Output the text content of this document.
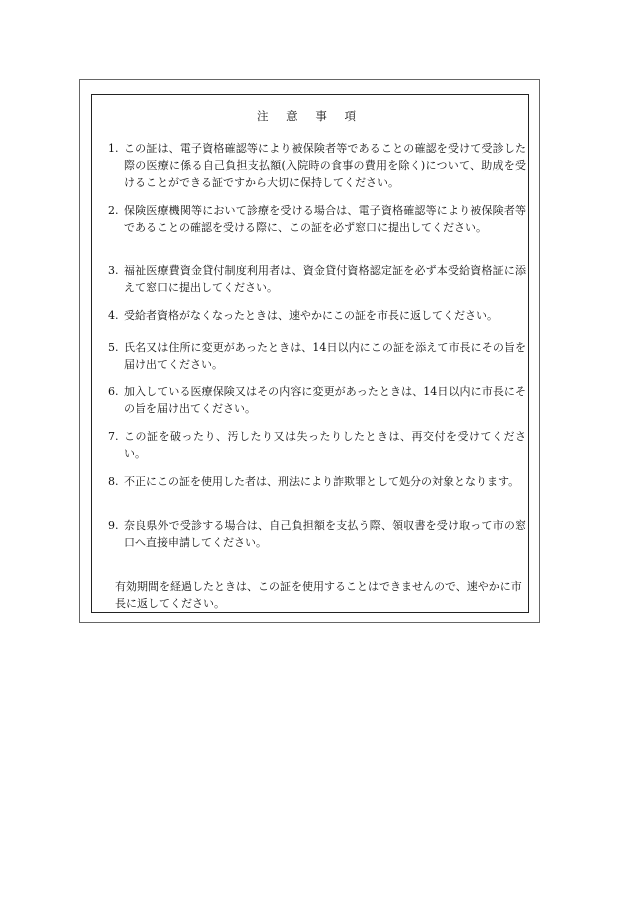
注 意 事 項
1. この証は、電子資格確認等により被保険者等であることの確認を受けて受診した際の医療に係る自己負担支払額(入院時の食事の費用を除く)について、助成を受けることができる証ですから大切に保持してください。
2. 保険医療機関等において診療を受ける場合は、電子資格確認等により被保険者等であることの確認を受ける際に、この証を必ず窓口に提出してください。
3. 福祉医療費資金貸付制度利用者は、資金貸付資格認定証を必ず本受給資格証に添えて窓口に提出してください。
4. 受給者資格がなくなったときは、速やかにこの証を市長に返してください。
5. 氏名又は住所に変更があったときは、14日以内にこの証を添えて市長にその旨を届け出てください。
6. 加入している医療保険又はその内容に変更があったときは、14日以内に市長にその旨を届け出てください。
7. この証を破ったり、汚したり又は失ったりしたときは、再交付を受けてください。
8. 不正にこの証を使用した者は、刑法により詐欺罪として処分の対象となります。
9. 奈良県外で受診する場合は、自己負担額を支払う際、領収書を受け取って市の窓口へ直接申請してください。
有効期間を経過したときは、この証を使用することはできませんので、速やかに市長に返してください。
